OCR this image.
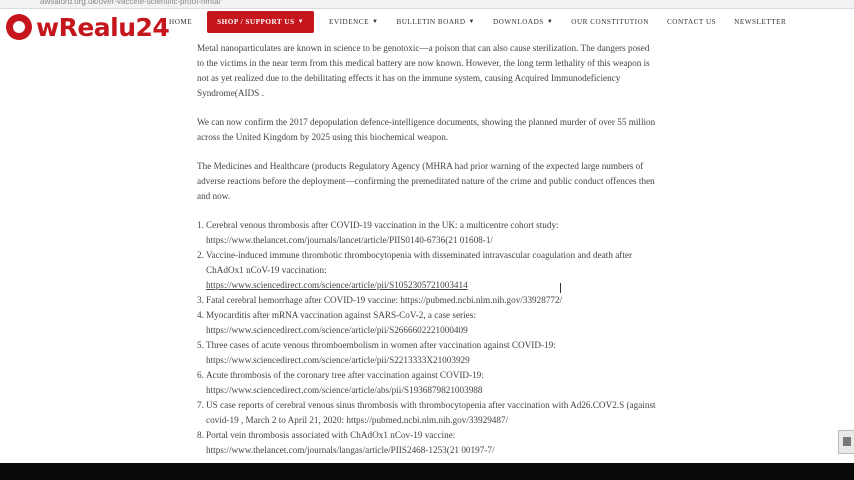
awsalord.org.uk/over-vaccine-scientific-proof-hmta/
wRealu24 HOME	SHOP / SUPPORT US ▼	EVIDENCE ▼	BULLETIN BOARD ▼	DOWNLOADS ▼	OUR CONSTITUTION	CONTACT US	NEWSLETTER

Metal nanoparticulates are known in science to be genotoxic—a poison that can also cause sterilization. The dangers posed to the victims in the near term from this medical battery are now known. However, the long term lethality of this weapon is not as yet realized due to the debilitating effects it has on the immune system, causing Acquired Immunodeficiency Syndrome(AIDS .

We can now confirm the 2017 depopulation defence-intelligence documents, showing the planned murder of over 55 million across the United Kingdom by 2025 using this biochemical weapon.

The Medicines and Healthcare (products Regulatory Agency (MHRA had prior warning of the expected large numbers of adverse reactions before the deployment—confirming the premeditated nature of the crime and public conduct offences then and now.

1. Cerebral venous thrombosis after COVID-19 vaccination in the UK: a multicentre cohort study:
https://www.thelancet.com/journals/lancet/article/PIIS0140-6736(21 01608-1/
2. Vaccine-induced immune thrombotic thrombocytopenia with disseminated intravascular coagulation and death after ChAdOx1 nCoV-19 vaccination:
https://www.sciencedirect.com/science/article/pii/S1052305721003414
3. Fatal cerebral hemorrhage after COVID-19 vaccine: https://pubmed.ncbi.nlm.nih.gov/33928772/
4. Myocarditis after mRNA vaccination against SARS-CoV-2, a case series:
https://www.sciencedirect.com/science/article/pii/S2666602221000409
5. Three cases of acute venous thromboembolism in women after vaccination against COVID-19:
https://www.sciencedirect.com/science/article/pii/S2213333X21003929
6. Acute thrombosis of the coronary tree after vaccination against COVID-19:
https://www.sciencedirect.com/science/article/abs/pii/S1936879821003988
7. US case reports of cerebral venous sinus thrombosis with thrombocytopenia after vaccination with Ad26.COV2.S (against covid-19 , March 2 to April 21, 2020: https://pubmed.ncbi.nlm.nih.gov/33929487/
8. Portal vein thrombosis associated with ChAdOx1 nCov-19 vaccine:
https://www.thelancet.com/journals/langas/article/PIIS2468-1253(21 00197-7/
